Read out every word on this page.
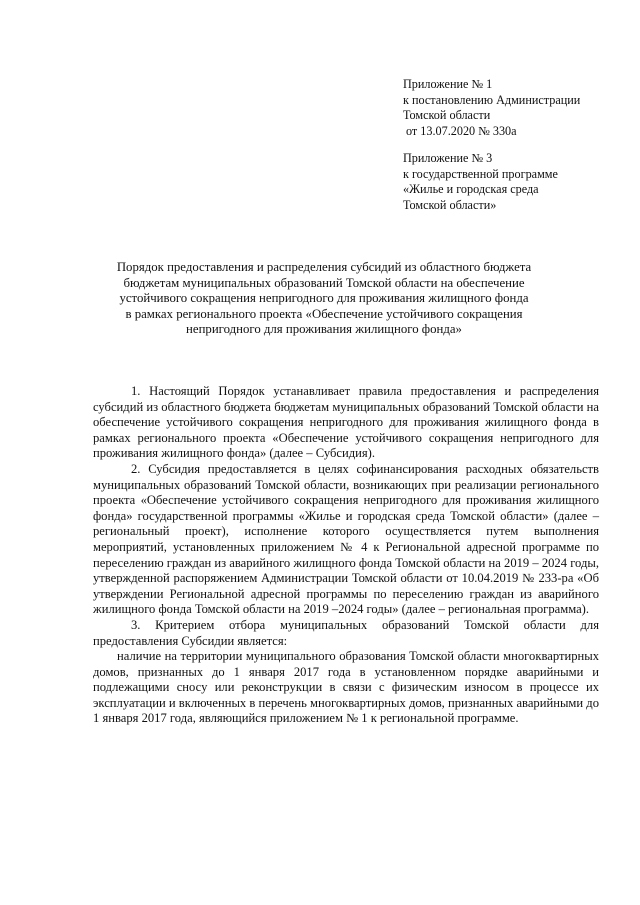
Приложение № 1
к постановлению Администрации
Томской области
от 13.07.2020 № 330а
Приложение № 3
к государственной программе
«Жилье и городская среда
Томской области»
Порядок предоставления и распределения субсидий из областного бюджета
бюджетам муниципальных образований Томской области на обеспечение
устойчивого сокращения непригодного для проживания жилищного фонда
в рамках регионального проекта «Обеспечение устойчивого сокращения
непригодного для проживания жилищного фонда»

1. Настоящий Порядок устанавливает правила предоставления и распределения субсидий из областного бюджета бюджетам муниципальных образований Томской области на обеспечение устойчивого сокращения непригодного для проживания жилищного фонда в рамках регионального проекта «Обеспечение устойчивого сокращения непригодного для проживания жилищного фонда» (далее – Субсидия).

2. Субсидия предоставляется в целях софинансирования расходных обязательств муниципальных образований Томской области, возникающих при реализации регионального проекта «Обеспечение устойчивого сокращения непригодного для проживания жилищного фонда» государственной программы «Жилье и городская среда Томской области» (далее – региональный проект), исполнение которого осуществляется путем выполнения мероприятий, установленных приложением № 4 к Региональной адресной программе по переселению граждан из аварийного жилищного фонда Томской области на 2019 – 2024 годы, утвержденной распоряжением Администрации Томской области от 10.04.2019 № 233-ра «Об утверждении Региональной адресной программы по переселению граждан из аварийного жилищного фонда Томской области на 2019 –2024 годы» (далее – региональная программа).

3. Критерием отбора муниципальных образований Томской области для предоставления Субсидии является:

наличие на территории муниципального образования Томской области многоквартирных домов, признанных до 1 января 2017 года в установленном порядке аварийными и подлежащими сносу или реконструкции в связи с физическим износом в процессе их эксплуатации и включенных в перечень многоквартирных домов, признанных аварийными до 1 января 2017 года, являющийся приложением № 1 к региональной программе.
